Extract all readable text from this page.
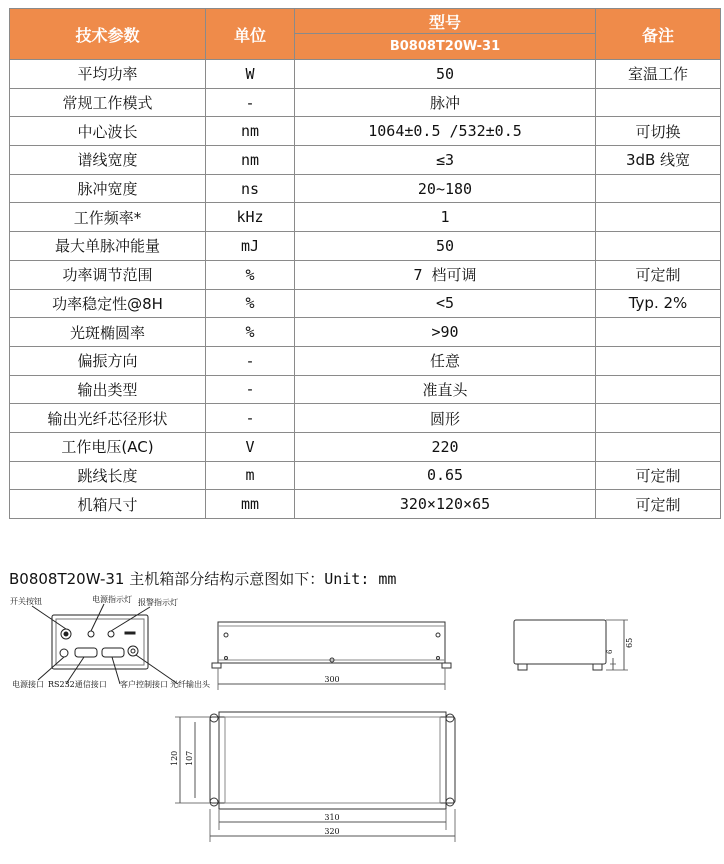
技术参数	单位	型号	备注
		B0808T20W-31	
平均功率	W	50	室温工作
常规工作模式	-	脉冲	
中心波长	nm	1064±0.5 /532±0.5	可切换
谱线宽度	nm	≤3	3dB 线宽
脉冲宽度	ns	20~180	
工作频率*	kHz	1	
最大单脉冲能量	mJ	50	
功率调节范围	%	7 档可调	可定制
功率稳定性@8H	%	<5	Typ. 2%
光斑椭圆率	%	>90	
偏振方向	-	任意	
输出类型	-	准直头	
输出光纤芯径形状	-	圆形	
工作电压(AC)	V	220	
跳线长度	m	0.65	可定制
机箱尺寸	mm	320×120×65	可定制
B0808T20W-31 主机箱部分结构示意图如下：Unit: mm
开关按钮	电源指示灯 报警指示灯
电源接口 RS232通信接口 客户控制接口 光纤输出头
300
65
6
120 107
310
320
